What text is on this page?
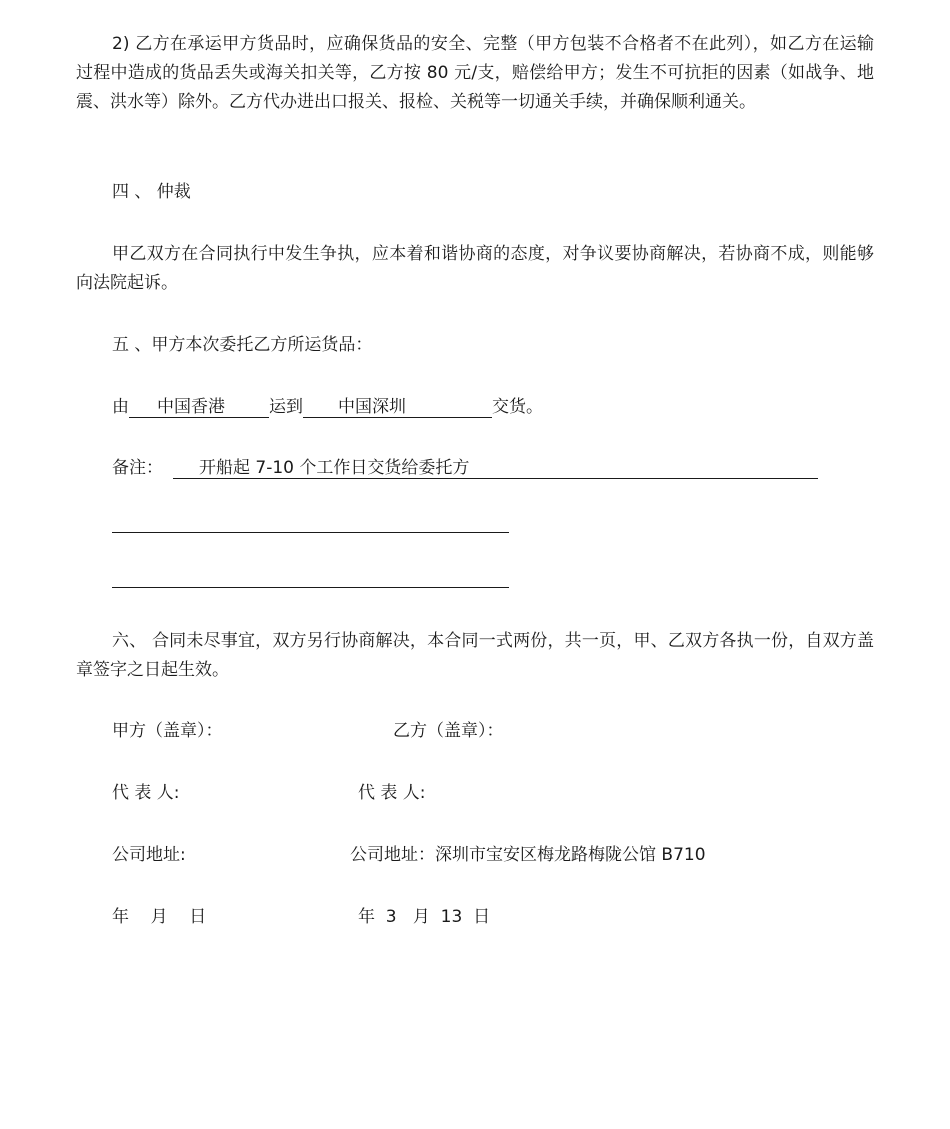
2) 乙方在承运甲方货品时，应确保货品的安全、完整（甲方包装不合格者不在此列），如乙方在运输过程中造成的货品丢失或海关扣关等，乙方按 80 元/支，赔偿给甲方；发生不可抗拒的因素（如战争、地震、洪水等）除外。乙方代办进出口报关、报检、关税等一切通关手续，并确保顺利通关。

四 、 仲裁

甲乙双方在合同执行中发生争执，应本着和谐协商的态度，对争议要协商解决，若协商不成，则能够向法院起诉。

五 、甲方本次委托乙方所运货品：

由 中国香港	运到 中国深圳	交货。

备注： 开船起 7-10 个工作日交货给委托方

六、 合同未尽事宜，双方另行协商解决，本合同一式两份，共一页，甲、乙双方各执一份，自双方盖章签字之日起生效。

甲方（盖章）：	乙方（盖章）：
代 表 人:	代 表 人:
公司地址:	公司地址：深圳市宝安区梅龙路梅陇公馆 B710
年    月    日	年  3   月  13  日
